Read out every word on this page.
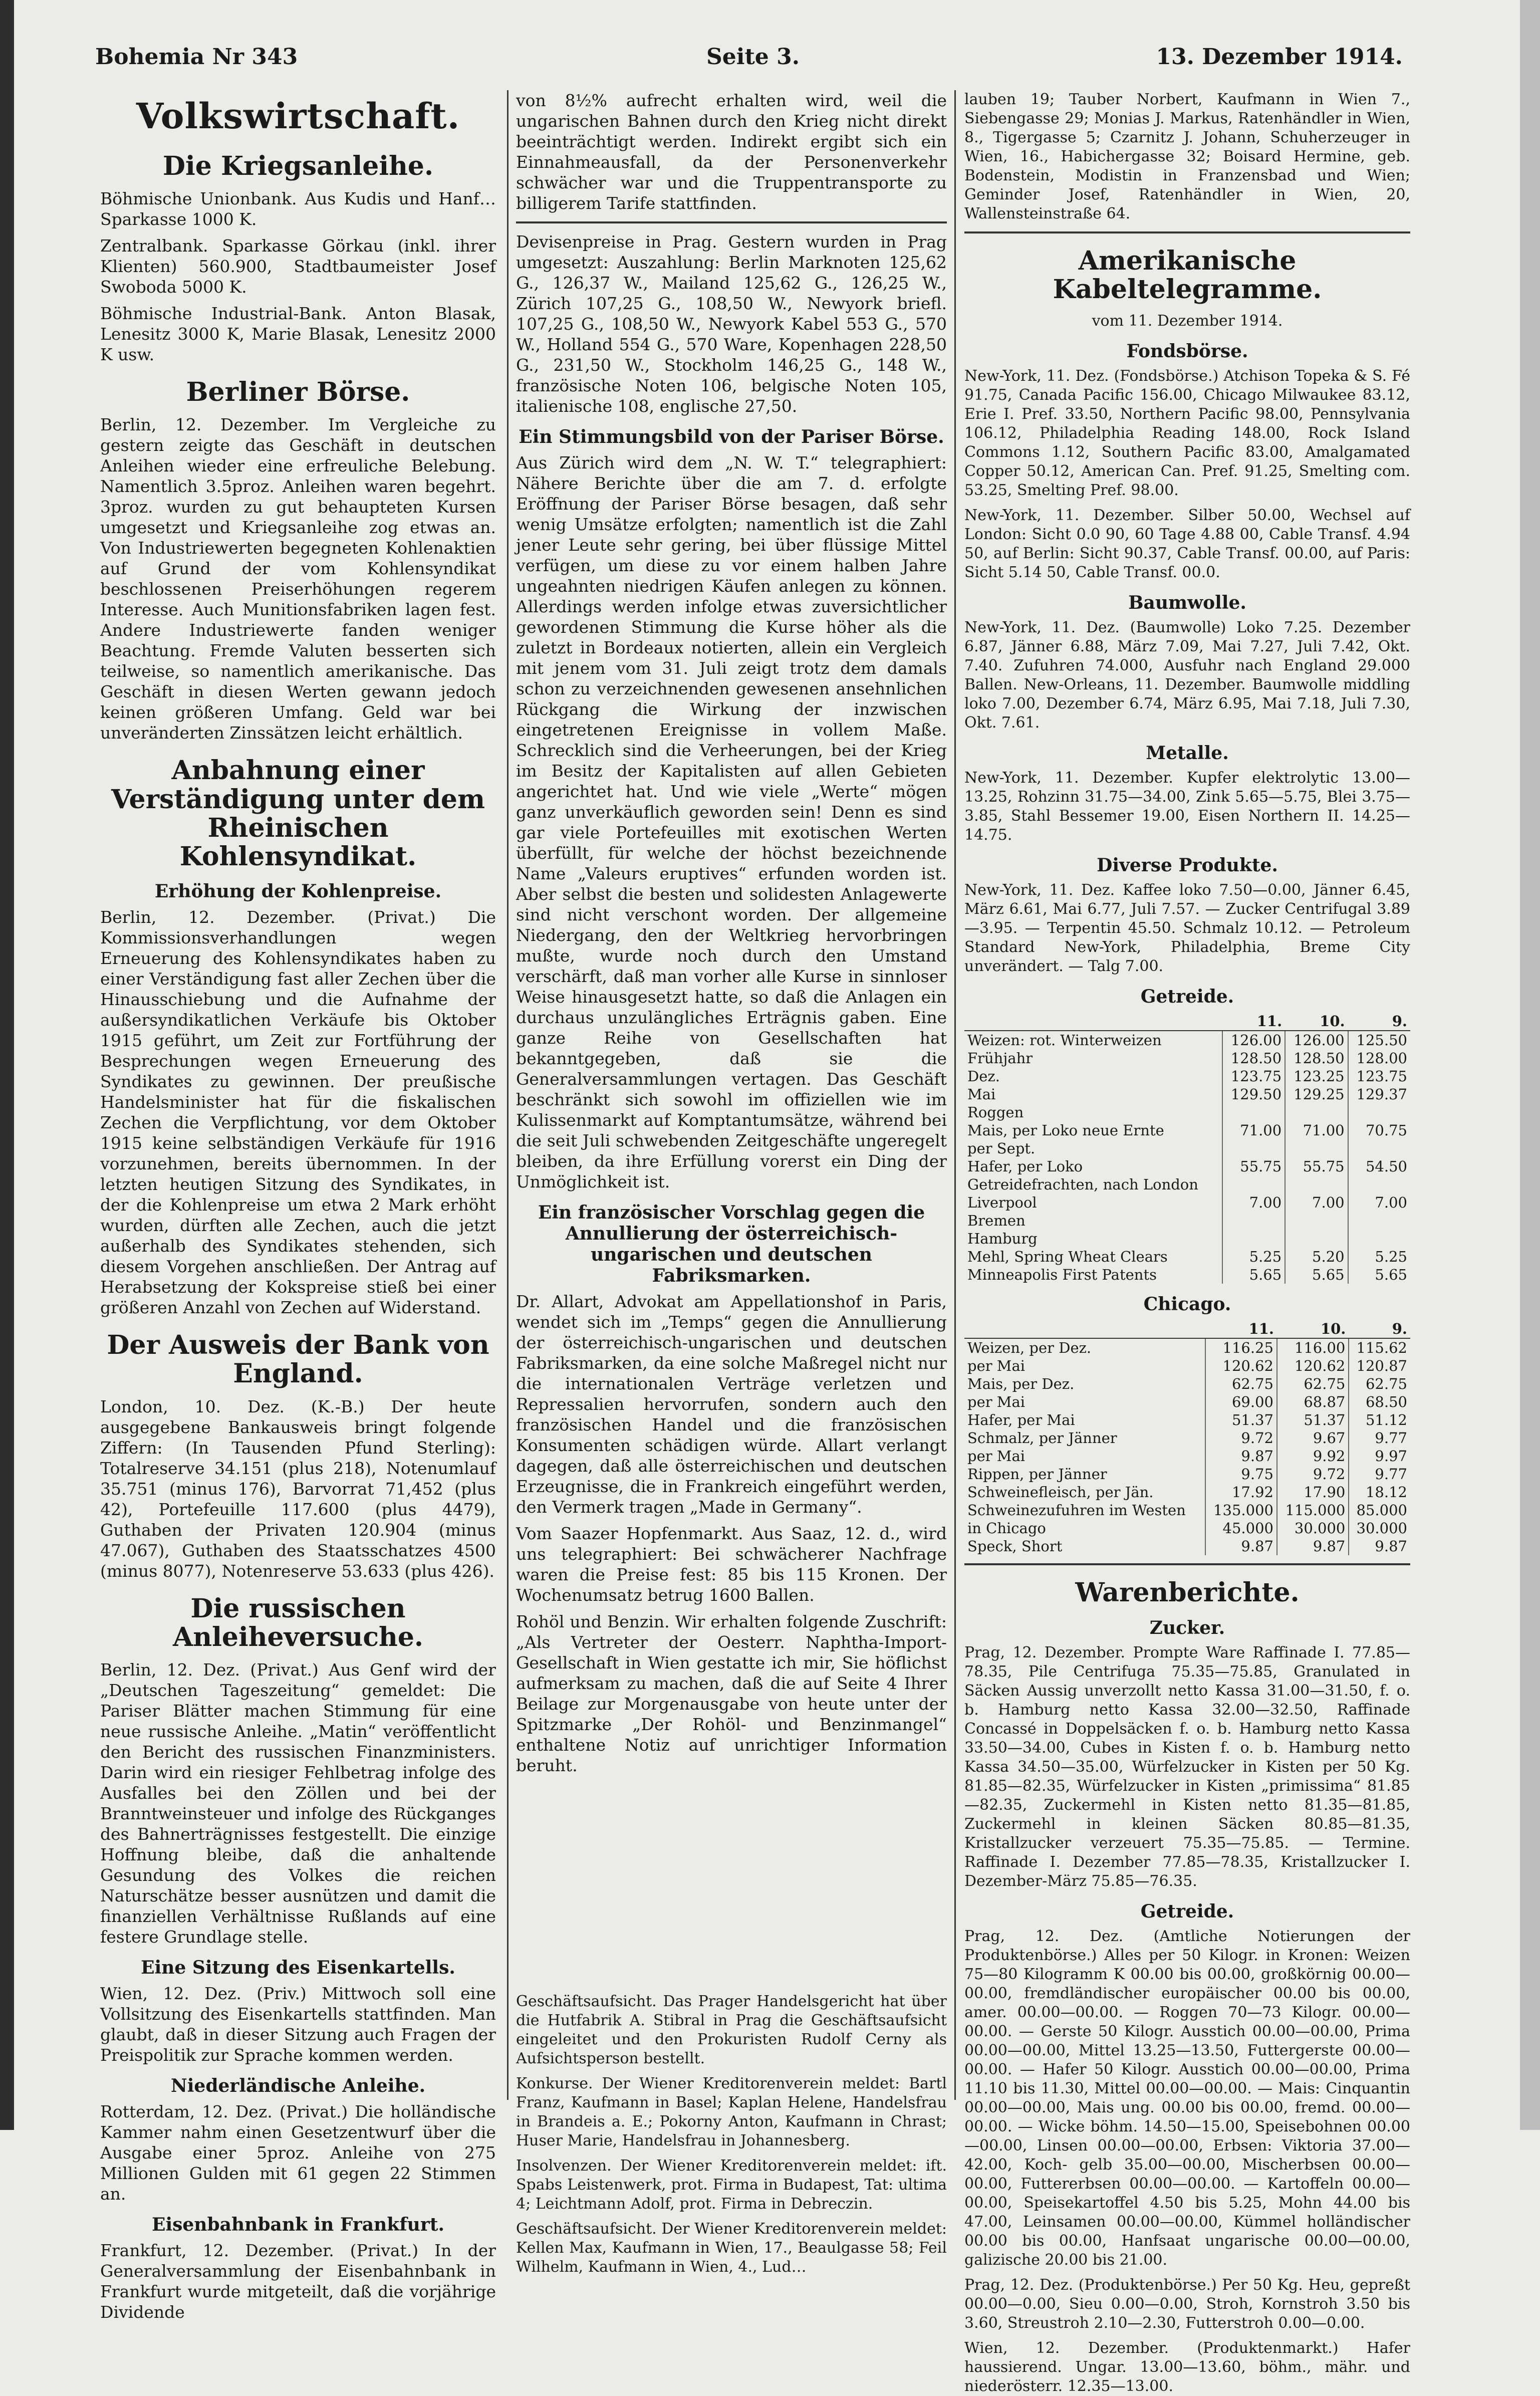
Bohemia Nr 343	Seite 3.	13. Dezember 1914.
Volkswirtschaft.
Die Kriegsanleihe.

Böhmische Unionbank. Aus Kudis und Hanf… Sparkasse 1000 K.

Zentralbank. Sparkasse Görkau (inkl. ihrer Klienten) 560.900, Stadtbaumeister Josef Swoboda 5000 K.

Böhmische Industrial-Bank. Anton Blasak, Lenesitz 3000 K, Marie Blasak, Lenesitz 2000 K usw.

Berliner Börse.

Berlin, 12. Dezember. Im Vergleiche zu gestern zeigte das Geschäft in deutschen Anleihen wieder eine erfreuliche Belebung. Namentlich 3.5proz. Anleihen waren begehrt. 3proz. wurden zu gut behaupteten Kursen umgesetzt und Kriegsanleihe zog etwas an. Von Industriewerten begegneten Kohlenaktien auf Grund der vom Kohlensyndikat beschlossenen Preiserhöhungen regerem Interesse. Auch Munitionsfabriken lagen fest. Andere Industriewerte fanden weniger Beachtung. Fremde Valuten besserten sich teilweise, so namentlich amerikanische. Das Geschäft in diesen Werten gewann jedoch keinen größeren Umfang. Geld war bei unveränderten Zinssätzen leicht erhältlich.

Anbahnung einer Verständigung unter dem Rheinischen Kohlensyndikat.
Erhöhung der Kohlenpreise.

Berlin, 12. Dezember. (Privat.) Die Kommissionsverhandlungen wegen Erneuerung des Kohlensyndikates haben zu einer Verständigung fast aller Zechen über die Hinausschiebung und die Aufnahme der außersyndikatlichen Verkäufe bis Oktober 1915 geführt, um Zeit zur Fortführung der Besprechungen wegen Erneuerung des Syndikates zu gewinnen. Der preußische Handelsminister hat für die fiskalischen Zechen die Verpflichtung, vor dem Oktober 1915 keine selbständigen Verkäufe für 1916 vorzunehmen, bereits übernommen. In der letzten heutigen Sitzung des Syndikates, in der die Kohlenpreise um etwa 2 Mark erhöht wurden, dürften alle Zechen, auch die jetzt außerhalb des Syndikates stehenden, sich diesem Vorgehen anschließen. Der Antrag auf Herabsetzung der Kokspreise stieß bei einer größeren Anzahl von Zechen auf Widerstand.

Der Ausweis der Bank von England.

London, 10. Dez. (K.-B.) Der heute ausgegebene Bankausweis bringt folgende Ziffern: (In Tausenden Pfund Sterling): Totalreserve 34.151 (plus 218), Notenumlauf 35.751 (minus 176), Barvorrat 71,452 (plus 42), Portefeuille 117.600 (plus 4479), Guthaben der Privaten 120.904 (minus 47.067), Guthaben des Staatsschatzes 4500 (minus 8077), Notenreserve 53.633 (plus 426).

Die russischen Anleiheversuche.

Berlin, 12. Dez. (Privat.) Aus Genf wird der „Deutschen Tageszeitung“ gemeldet: Die Pariser Blätter machen Stimmung für eine neue russische Anleihe. „Matin“ veröffentlicht den Bericht des russischen Finanzministers. Darin wird ein riesiger Fehlbetrag infolge des Ausfalles bei den Zöllen und bei der Branntweinsteuer und infolge des Rückganges des Bahnerträgnisses festgestellt. Die einzige Hoffnung bleibe, daß die anhaltende Gesundung des Volkes die reichen Naturschätze besser ausnützen und damit die finanziellen Verhältnisse Rußlands auf eine festere Grundlage stelle.

Eine Sitzung des Eisenkartells.

Wien, 12. Dez. (Priv.) Mittwoch soll eine Vollsitzung des Eisenkartells stattfinden. Man glaubt, daß in dieser Sitzung auch Fragen der Preispolitik zur Sprache kommen werden.

Niederländische Anleihe.

Rotterdam, 12. Dez. (Privat.) Die holländische Kammer nahm einen Gesetzentwurf über die Ausgabe einer 5proz. Anleihe von 275 Millionen Gulden mit 61 gegen 22 Stimmen an.

Eisenbahnbank in Frankfurt.

Frankfurt, 12. Dezember. (Privat.) In der Generalversammlung der Eisenbahnbank in Frankfurt wurde mitgeteilt, daß die vorjährige Dividende

von 8½% aufrecht erhalten wird, weil die ungarischen Bahnen durch den Krieg nicht direkt beeinträchtigt werden. Indirekt ergibt sich ein Einnahmeausfall, da der Personenverkehr schwächer war und die Truppentransporte zu billigerem Tarife stattfinden.

Devisenpreise in Prag. Gestern wurden in Prag umgesetzt: Auszahlung: Berlin Marknoten 125,62 G., 126,37 W., Mailand 125,62 G., 126,25 W., Zürich 107,25 G., 108,50 W., Newyork briefl. 107,25 G., 108,50 W., Newyork Kabel 553 G., 570 W., Holland 554 G., 570 Ware, Kopenhagen 228,50 G., 231,50 W., Stockholm 146,25 G., 148 W., französische Noten 106, belgische Noten 105, italienische 108, englische 27,50.

Ein Stimmungsbild von der Pariser Börse.

Aus Zürich wird dem „N. W. T.“ telegraphiert: Nähere Berichte über die am 7. d. erfolgte Eröffnung der Pariser Börse besagen, daß sehr wenig Umsätze erfolgten; namentlich ist die Zahl jener Leute sehr gering, bei über flüssige Mittel verfügen, um diese zu vor einem halben Jahre ungeahnten niedrigen Käufen anlegen zu können. Allerdings werden infolge etwas zuversichtlicher gewordenen Stimmung die Kurse höher als die zuletzt in Bordeaux notierten, allein ein Vergleich mit jenem vom 31. Juli zeigt trotz dem damals schon zu verzeichnenden gewesenen ansehnlichen Rückgang die Wirkung der inzwischen eingetretenen Ereignisse in vollem Maße. Schrecklich sind die Verheerungen, bei der Krieg im Besitz der Kapitalisten auf allen Gebieten angerichtet hat. Und wie viele „Werte“ mögen ganz unverkäuflich geworden sein! Denn es sind gar viele Portefeuilles mit exotischen Werten überfüllt, für welche der höchst bezeichnende Name „Valeurs eruptives“ erfunden worden ist. Aber selbst die besten und solidesten Anlagewerte sind nicht verschont worden. Der allgemeine Niedergang, den der Weltkrieg hervorbringen mußte, wurde noch durch den Umstand verschärft, daß man vorher alle Kurse in sinnloser Weise hinausgesetzt hatte, so daß die Anlagen ein durchaus unzulängliches Erträgnis gaben. Eine ganze Reihe von Gesellschaften hat bekanntgegeben, daß sie die Generalversammlungen vertagen. Das Geschäft beschränkt sich sowohl im offiziellen wie im Kulissenmarkt auf Komptantumsätze, während bei die seit Juli schwebenden Zeitgeschäfte ungeregelt bleiben, da ihre Erfüllung vorerst ein Ding der Unmöglichkeit ist.

Ein französischer Vorschlag gegen die Annullierung der österreichisch-ungarischen und deutschen Fabriksmarken.

Dr. Allart, Advokat am Appellationshof in Paris, wendet sich im „Temps“ gegen die Annullierung der österreichisch-ungarischen und deutschen Fabriksmarken, da eine solche Maßregel nicht nur die internationalen Verträge verletzen und Repressalien hervorrufen, sondern auch den französischen Handel und die französischen Konsumenten schädigen würde. Allart verlangt dagegen, daß alle österreichischen und deutschen Erzeugnisse, die in Frankreich eingeführt werden, den Vermerk tragen „Made in Germany“.

Vom Saazer Hopfenmarkt. Aus Saaz, 12. d., wird uns telegraphiert: Bei schwächerer Nachfrage waren die Preise fest: 85 bis 115 Kronen. Der Wochenumsatz betrug 1600 Ballen.

Rohöl und Benzin. Wir erhalten folgende Zuschrift: „Als Vertreter der Oesterr. Naphtha-Import-Gesellschaft in Wien gestatte ich mir, Sie höflichst aufmerksam zu machen, daß die auf Seite 4 Ihrer Beilage zur Morgenausgabe von heute unter der Spitzmarke „Der Rohöl- und Benzinmangel“ enthaltene Notiz auf unrichtiger Information beruht.

Geschäftsaufsicht. Das Prager Handelsgericht hat über die Hutfabrik A. Stibral in Prag die Geschäftsaufsicht eingeleitet und den Prokuristen Rudolf Cerny als Aufsichtsperson bestellt.

Konkurse. Der Wiener Kreditorenverein meldet: Bartl Franz, Kaufmann in Basel; Kaplan Helene, Handelsfrau in Brandeis a. E.; Pokorny Anton, Kaufmann in Chrast; Huser Marie, Handelsfrau in Johannesberg.

Insolvenzen. Der Wiener Kreditorenverein meldet: ift. Spabs Leistenwerk, prot. Firma in Budapest, Tat: ultima 4; Leichtmann Adolf, prot. Firma in Debreczin.

Geschäftsaufsicht. Der Wiener Kreditorenverein meldet: Kellen Max, Kaufmann in Wien, 17., Beaulgasse 58; Feil Wilhelm, Kaufmann in Wien, 4., Lud…

lauben 19; Tauber Norbert, Kaufmann in Wien 7., Siebengasse 29; Monias J. Markus, Ratenhändler in Wien, 8., Tigergasse 5; Czarnitz J. Johann, Schuherzeuger in Wien, 16., Habichergasse 32; Boisard Hermine, geb. Bodenstein, Modistin in Franzensbad und Wien; Geminder Josef, Ratenhändler in Wien, 20, Wallensteinstraße 64.

Amerikanische Kabeltelegramme.

vom 11. Dezember 1914.

Fondsbörse.

New-York, 11. Dez. (Fondsbörse.) Atchison Topeka & S. Fé 91.75, Canada Pacific 156.00, Chicago Milwaukee 83.12, Erie I. Pref. 33.50, Northern Pacific 98.00, Pennsylvania 106.12, Philadelphia Reading 148.00, Rock Island Commons 1.12, Southern Pacific 83.00, Amalgamated Copper 50.12, American Can. Pref. 91.25, Smelting com. 53.25, Smelting Pref. 98.00.

New-York, 11. Dezember. Silber 50.00, Wechsel auf London: Sicht 0.0 90, 60 Tage 4.88 00, Cable Transf. 4.94 50, auf Berlin: Sicht 90.37, Cable Transf. 00.00, auf Paris: Sicht 5.14 50, Cable Transf. 00.0.

Baumwolle.

New-York, 11. Dez. (Baumwolle) Loko 7.25. Dezember 6.87, Jänner 6.88, März 7.09, Mai 7.27, Juli 7.42, Okt. 7.40. Zufuhren 74.000, Ausfuhr nach England 29.000 Ballen. New-Orleans, 11. Dezember. Baumwolle middling loko 7.00, Dezember 6.74, März 6.95, Mai 7.18, Juli 7.30, Okt. 7.61.

Metalle.

New-York, 11. Dezember. Kupfer elektrolytic 13.00—13.25, Rohzinn 31.75—34.00, Zink 5.65—5.75, Blei 3.75—3.85, Stahl Bessemer 19.00, Eisen Northern II. 14.25—14.75.

Diverse Produkte.

New-York, 11. Dez. Kaffee loko 7.50—0.00, Jänner 6.45, März 6.61, Mai 6.77, Juli 7.57. — Zucker Centrifugal 3.89—3.95. — Terpentin 45.50. Schmalz 10.12. — Petroleum Standard New-York, Philadelphia, Breme City unverändert. — Talg 7.00.

Getreide.
	11.	10.	9.
Weizen: rot. Winterweizen	126.00	126.00	125.50
Frühjahr	128.50	128.50	128.00
Dez.	123.75	123.25	123.75
Mai	129.50	129.25	129.37
Roggen			
Mais, per Loko neue Ernte	71.00	71.00	70.75
per Sept.			
Hafer, per Loko	55.75	55.75	54.50
Getreidefrachten, nach London			
Liverpool	7.00	7.00	7.00
Bremen			
Hamburg			
Mehl, Spring Wheat Clears	5.25	5.20	5.25
Minneapolis First Patents	5.65	5.65	5.65
Chicago.
	11.	10.	9.
Weizen, per Dez.	116.25	116.00	115.62
per Mai	120.62	120.62	120.87
Mais, per Dez.	62.75	62.75	62.75
per Mai	69.00	68.87	68.50
Hafer, per Mai	51.37	51.37	51.12
Schmalz, per Jänner	9.72	9.67	9.77
per Mai	9.87	9.92	9.97
Rippen, per Jänner	9.75	9.72	9.77
Schweinefleisch, per Jän.	17.92	17.90	18.12
Schweinezufuhren im Westen	135.000	115.000	85.000
in Chicago	45.000	30.000	30.000
Speck, Short	9.87	9.87	9.87
Warenberichte.
Zucker.

Prag, 12. Dezember. Prompte Ware Raffinade I. 77.85—78.35, Pile Centrifuga 75.35—75.85, Granulated in Säcken Aussig unverzollt netto Kassa 31.00—31.50, f. o. b. Hamburg netto Kassa 32.00—32.50, Raffinade Concassé in Doppelsäcken f. o. b. Hamburg netto Kassa 33.50—34.00, Cubes in Kisten f. o. b. Hamburg netto Kassa 34.50—35.00, Würfelzucker in Kisten per 50 Kg. 81.85—82.35, Würfelzucker in Kisten „primissima“ 81.85—82.35, Zuckermehl in Kisten netto 81.35—81.85, Zuckermehl in kleinen Säcken 80.85—81.35, Kristallzucker verzeuert 75.35—75.85. — Termine. Raffinade I. Dezember 77.85—78.35, Kristallzucker I. Dezember-März 75.85—76.35.

Getreide.

Prag, 12. Dez. (Amtliche Notierungen der Produktenbörse.) Alles per 50 Kilogr. in Kronen: Weizen 75—80 Kilogramm K 00.00 bis 00.00, großkörnig 00.00—00.00, fremdländischer europäischer 00.00 bis 00.00, amer. 00.00—00.00. — Roggen 70—73 Kilogr. 00.00—00.00. — Gerste 50 Kilogr. Ausstich 00.00—00.00, Prima 00.00—00.00, Mittel 13.25—13.50, Futtergerste 00.00—00.00. — Hafer 50 Kilogr. Ausstich 00.00—00.00, Prima 11.10 bis 11.30, Mittel 00.00—00.00. — Mais: Cinquantin 00.00—00.00, Mais ung. 00.00 bis 00.00, fremd. 00.00—00.00. — Wicke böhm. 14.50—15.00, Speisebohnen 00.00—00.00, Linsen 00.00—00.00, Erbsen: Viktoria 37.00—42.00, Koch- gelb 35.00—00.00, Mischerbsen 00.00—00.00, Futtererbsen 00.00—00.00. — Kartoffeln 00.00—00.00, Speisekartoffel 4.50 bis 5.25, Mohn 44.00 bis 47.00, Leinsamen 00.00—00.00, Kümmel holländischer 00.00 bis 00.00, Hanfsaat ungarische 00.00—00.00, galizische 20.00 bis 21.00.

Prag, 12. Dez. (Produktenbörse.) Per 50 Kg. Heu, gepreßt 00.00—0.00, Sieu 0.00—0.00, Stroh, Kornstroh 3.50 bis 3.60, Streustroh 2.10—2.30, Futterstroh 0.00—0.00.

Wien, 12. Dezember. (Produktenmarkt.) Hafer haussierend. Ungar. 13.00—13.60, böhm., mähr. und niederösterr. 12.35—13.00.
